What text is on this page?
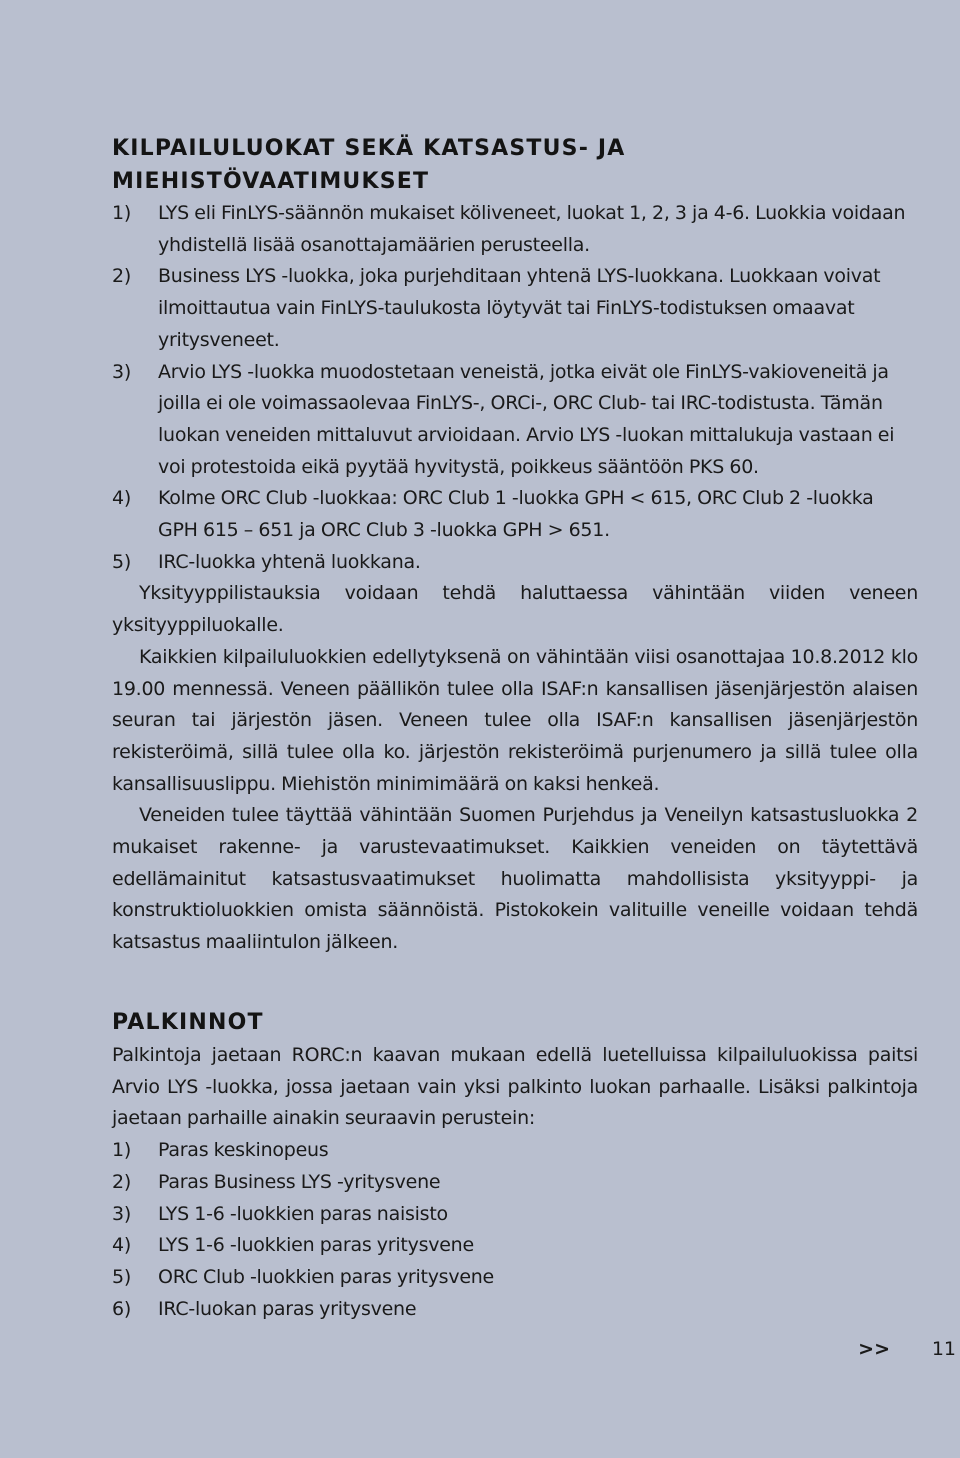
KILPAILULUOKAT SEKÄ KATSASTUS- JA
MIEHISTÖVAATIMUKSET

1) LYS eli FinLYS-säännön mukaiset köliveneet, luokat 1, 2, 3 ja 4-6. Luokkia voidaan yhdistellä lisää osanottajamäärien perusteella.

2) Business LYS -luokka, joka purjehditaan yhtenä LYS-luokkana. Luokkaan voivat ilmoittautua vain FinLYS-taulukosta löytyvät tai FinLYS-todistuksen omaavat yritysveneet.

3) Arvio LYS -luokka muodostetaan veneistä, jotka eivät ole FinLYS-vakioveneitä ja joilla ei ole voimassaolevaa FinLYS-, ORCi-, ORC Club- tai IRC-todistusta. Tämän luokan veneiden mittaluvut arvioidaan. Arvio LYS -luokan mittalukuja vastaan ei voi protestoida eikä pyytää hyvitystä, poikkeus sääntöön PKS 60.

4) Kolme ORC Club -luokkaa: ORC Club 1 -luokka GPH < 615, ORC Club 2 -luokka GPH 615 – 651 ja ORC Club 3 -luokka GPH > 651.

5) IRC-luokka yhtenä luokkana.

Yksityyppilistauksia voidaan tehdä haluttaessa vähintään viiden veneen yksityyppiluokalle.

Kaikkien kilpailuluokkien edellytyksenä on vähintään viisi osanottajaa 10.8.2012 klo 19.00 mennessä. Veneen päällikön tulee olla ISAF:n kansallisen jäsenjärjestön alaisen seuran tai järjestön jäsen. Veneen tulee olla ISAF:n kansallisen jäsenjärjestön rekisteröimä, sillä tulee olla ko. järjestön rekisteröimä purjenumero ja sillä tulee olla kansallisuuslippu. Miehistön minimimäärä on kaksi henkeä.

Veneiden tulee täyttää vähintään Suomen Purjehdus ja Veneilyn katsastusluokka 2 mukaiset rakenne- ja varustevaatimukset. Kaikkien veneiden on täytettävä edellämainitut katsastusvaatimukset huolimatta mahdollisista yksityyppi- ja konstruktioluokkien omista säännöistä. Pistokokein valituille veneille voidaan tehdä katsastus maaliintulon jälkeen.

PALKINNOT

Palkintoja jaetaan RORC:n kaavan mukaan edellä luetelluissa kilpailuluokissa paitsi Arvio LYS -luokka, jossa jaetaan vain yksi palkinto luokan parhaalle. Lisäksi palkintoja jaetaan parhaille ainakin seuraavin perustein:

1) Paras keskinopeus

2) Paras Business LYS -yritysvene

3) LYS 1-6 -luokkien paras naisisto

4) LYS 1-6 -luokkien paras yritysvene

5) ORC Club -luokkien paras yritysvene

6) IRC-luokan paras yritysvene

>> 11
